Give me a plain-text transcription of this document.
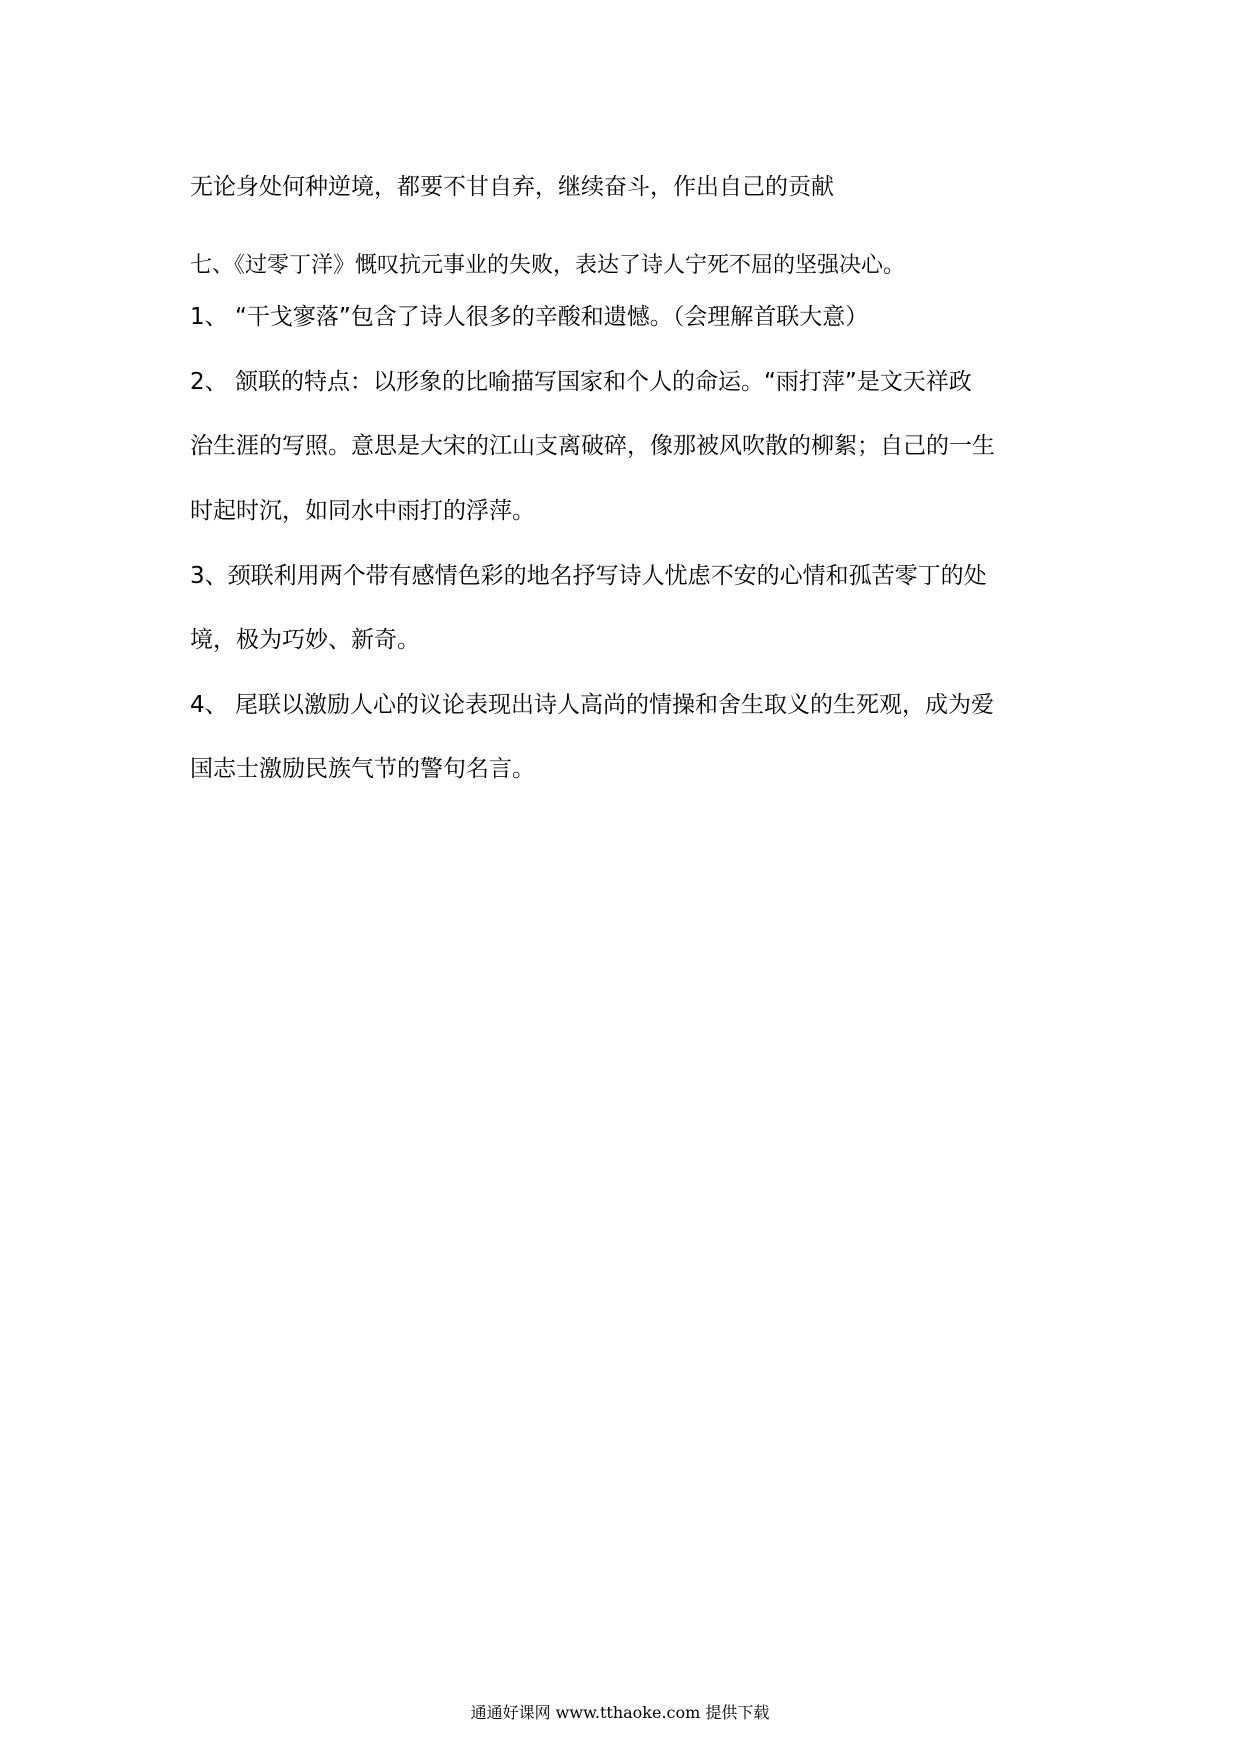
无论身处何种逆境，都要不甘自弃，继续奋斗，作出自己的贡献

七、《过零丁洋》慨叹抗元事业的失败，表达了诗人宁死不屈的坚强决心。

1、 “干戈寥落”包含了诗人很多的辛酸和遗憾。（会理解首联大意）

2、 颔联的特点：以形象的比喻描写国家和个人的命运。“雨打萍”是文天祥政

治生涯的写照。意思是大宋的江山支离破碎，像那被风吹散的柳絮；自己的一生

时起时沉，如同水中雨打的浮萍。

3、颈联利用两个带有感情色彩的地名抒写诗人忧虑不安的心情和孤苦零丁的处

境，极为巧妙、新奇。

4、 尾联以激励人心的议论表现出诗人高尚的情操和舍生取义的生死观，成为爱

国志士激励民族气节的警句名言。

通通好课网 www.tthaoke.com 提供下载
